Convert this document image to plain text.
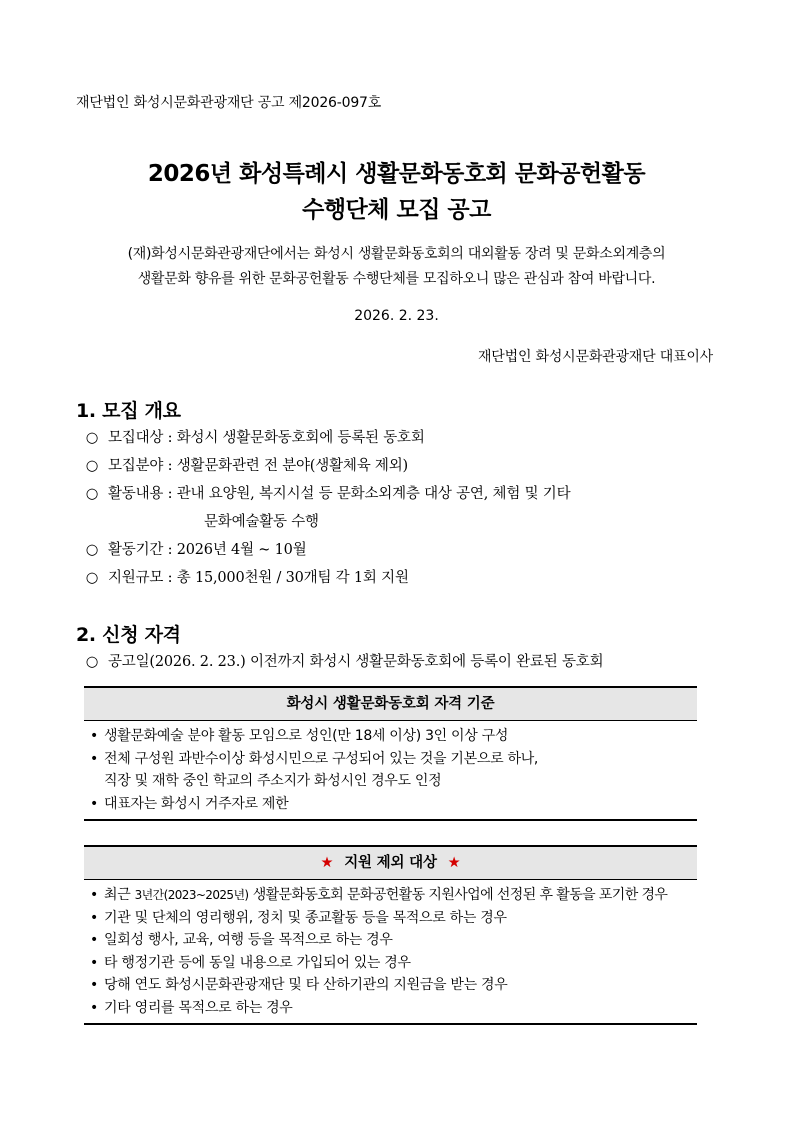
재단법인 화성시문화관광재단 공고 제2026-097호
2026년 화성특례시 생활문화동호회 문화공헌활동
수행단체 모집 공고
(재)화성시문화관광재단에서는 화성시 생활문화동호회의 대외활동 장려 및 문화소외계층의
생활문화 향유를 위한 문화공헌활동 수행단체를 모집하오니 많은 관심과 참여 바랍니다.
2026. 2. 23.
재단법인 화성시문화관광재단 대표이사
1. 모집 개요
○ 모집대상 : 화성시 생활문화동호회에 등록된 동호회
○ 모집분야 : 생활문화관련 전 분야(생활체육 제외)
○ 활동내용 : 관내 요양원, 복지시설 등 문화소외계층 대상 공연, 체험 및 기타
문화예술활동 수행
○ 활동기간 : 2026년 4월 ~ 10월
○ 지원규모 : 총 15,000천원 / 30개팀 각 1회 지원
2. 신청 자격
○ 공고일(2026. 2. 23.) 이전까지 화성시 생활문화동호회에 등록이 완료된 동호회
화성시 생활문화동호회 자격 기준
• 생활문화예술 분야 활동 모임으로 성인(만 18세 이상) 3인 이상 구성
• 전체 구성원 과반수이상 화성시민으로 구성되어 있는 것을 기본으로 하나,
직장 및 재학 중인 학교의 주소지가 화성시인 경우도 인정
• 대표자는 화성시 거주자로 제한
★ 지원 제외 대상 ★
• 최근 3년간(2023~2025년) 생활문화동호회 문화공헌활동 지원사업에 선정된 후 활동을 포기한 경우
• 기관 및 단체의 영리행위, 정치 및 종교활동 등을 목적으로 하는 경우
• 일회성 행사, 교육, 여행 등을 목적으로 하는 경우
• 타 행정기관 등에 동일 내용으로 가입되어 있는 경우
• 당해 연도 화성시문화관광재단 및 타 산하기관의 지원금을 받는 경우
• 기타 영리를 목적으로 하는 경우
